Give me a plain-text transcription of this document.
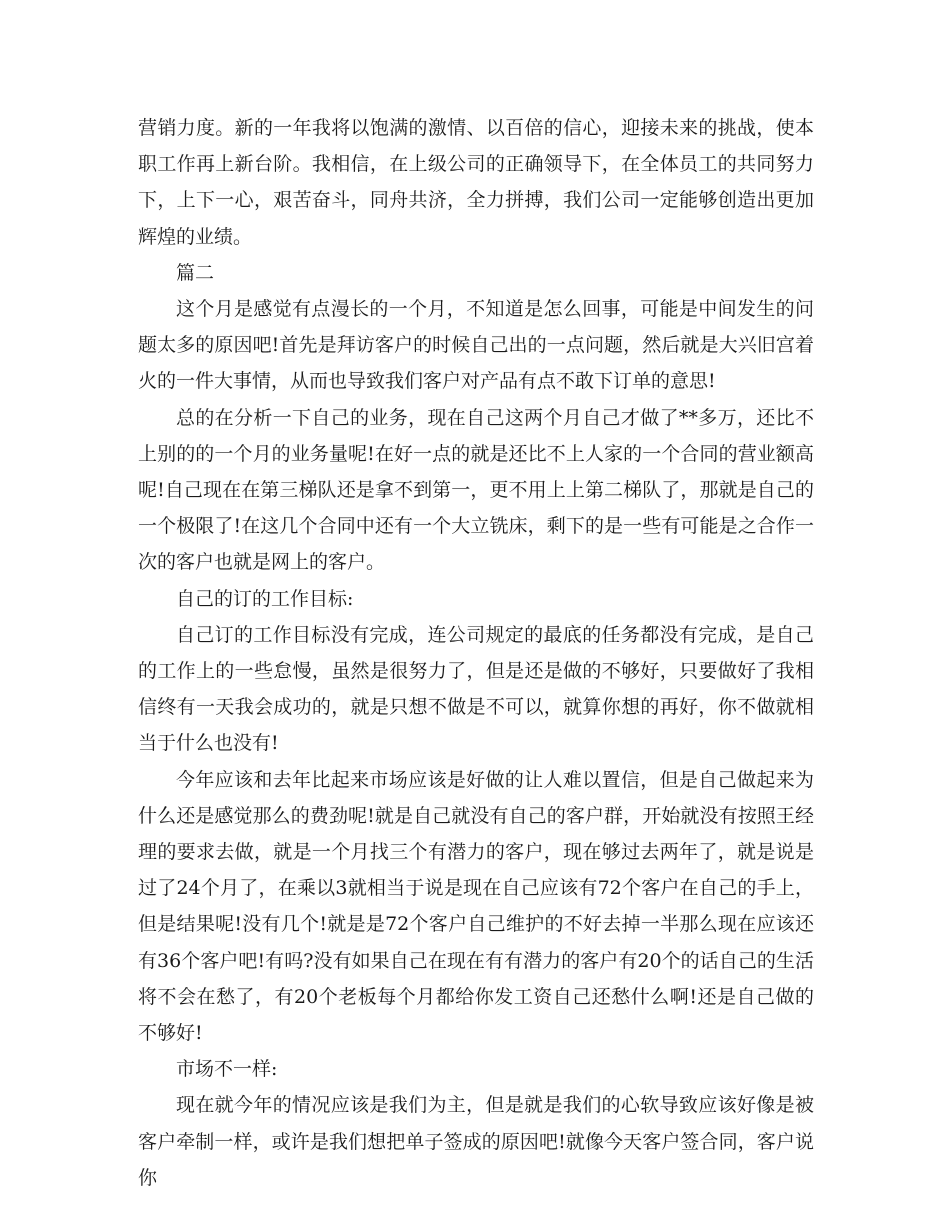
营销力度。新的一年我将以饱满的激情、以百倍的信心，迎接未来的挑战，使本职工作再上新台阶。我相信，在上级公司的正确领导下，在全体员工的共同努力下，上下一心，艰苦奋斗，同舟共济，全力拼搏，我们公司一定能够创造出更加辉煌的业绩。

篇二

这个月是感觉有点漫长的一个月，不知道是怎么回事，可能是中间发生的问题太多的原因吧!首先是拜访客户的时候自己出的一点问题，然后就是大兴旧宫着火的一件大事情，从而也导致我们客户对产品有点不敢下订单的意思!

总的在分析一下自己的业务，现在自己这两个月自己才做了**多万，还比不上别的的一个月的业务量呢!在好一点的就是还比不上人家的一个合同的营业额高呢!自己现在在第三梯队还是拿不到第一，更不用上上第二梯队了，那就是自己的一个极限了!在这几个合同中还有一个大立铣床，剩下的是一些有可能是之合作一次的客户也就是网上的客户。

自己的订的工作目标:

自己订的工作目标没有完成，连公司规定的最底的任务都没有完成，是自己的工作上的一些怠慢，虽然是很努力了，但是还是做的不够好，只要做好了我相信终有一天我会成功的，就是只想不做是不可以，就算你想的再好，你不做就相当于什么也没有!

今年应该和去年比起来市场应该是好做的让人难以置信，但是自己做起来为什么还是感觉那么的费劲呢!就是自己就没有自己的客户群，开始就没有按照王经理的要求去做，就是一个月找三个有潜力的客户，现在够过去两年了，就是说是过了24个月了，在乘以3就相当于说是现在自己应该有72个客户在自己的手上，但是结果呢!没有几个!就是是72个客户自己维护的不好去掉一半那么现在应该还有36个客户吧!有吗?没有如果自己在现在有有潜力的客户有20个的话自己的生活将不会在愁了，有20个老板每个月都给你发工资自己还愁什么啊!还是自己做的不够好!

市场不一样:

现在就今年的情况应该是我们为主，但是就是我们的心软导致应该好像是被客户牵制一样，或许是我们想把单子签成的原因吧!就像今天客户签合同，客户说你
